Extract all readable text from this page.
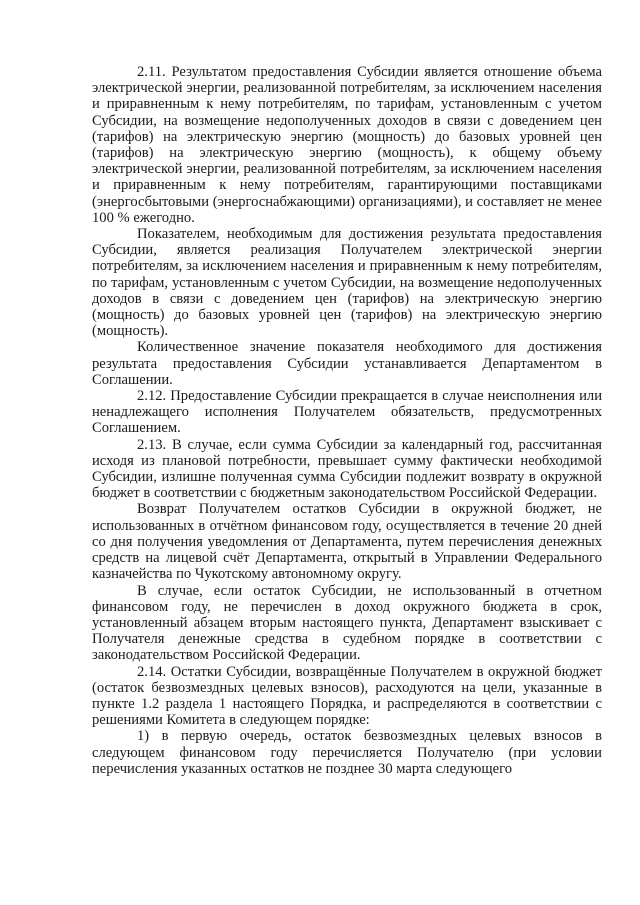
2.11. Результатом предоставления Субсидии является отношение объема электрической энергии, реализованной потребителям, за исключением населения и приравненным к нему потребителям, по тарифам, установленным с учетом Субсидии, на возмещение недополученных доходов в связи с доведением цен (тарифов) на электрическую энергию (мощность) до базовых уровней цен (тарифов) на электрическую энергию (мощность), к общему объему электрической энергии, реализованной потребителям, за исключением населения и приравненным к нему потребителям, гарантирующими поставщиками (энергосбытовыми (энергоснабжающими) организациями), и составляет не менее 100 % ежегодно.

Показателем, необходимым для достижения результата предоставления Субсидии, является реализация Получателем электрической энергии потребителям, за исключением населения и приравненным к нему потребителям, по тарифам, установленным с учетом Субсидии, на возмещение недополученных доходов в связи с доведением цен (тарифов) на электрическую энергию (мощность) до базовых уровней цен (тарифов) на электрическую энергию (мощность).

Количественное значение показателя необходимого для достижения результата предоставления Субсидии устанавливается Департаментом в Соглашении.

2.12. Предоставление Субсидии прекращается в случае неисполнения или ненадлежащего исполнения Получателем обязательств, предусмотренных Соглашением.

2.13. В случае, если сумма Субсидии за календарный год, рассчитанная исходя из плановой потребности, превышает сумму фактически необходимой Субсидии, излишне полученная сумма Субсидии подлежит возврату в окружной бюджет в соответствии с бюджетным законодательством Российской Федерации.

Возврат Получателем остатков Субсидии в окружной бюджет, не использованных в отчётном финансовом году, осуществляется в течение 20 дней со дня получения уведомления от Департамента, путем перечисления денежных средств на лицевой счёт Департамента, открытый в Управлении Федерального казначейства по Чукотскому автономному округу.

В случае, если остаток Субсидии, не использованный в отчетном финансовом году, не перечислен в доход окружного бюджета в срок, установленный абзацем вторым настоящего пункта, Департамент взыскивает с Получателя денежные средства в судебном порядке в соответствии с законодательством Российской Федерации.

2.14. Остатки Субсидии, возвращённые Получателем в окружной бюджет (остаток безвозмездных целевых взносов), расходуются на цели, указанные в пункте 1.2 раздела 1 настоящего Порядка, и распределяются в соответствии с решениями Комитета в следующем порядке:

1) в первую очередь, остаток безвозмездных целевых взносов в следующем финансовом году перечисляется Получателю (при условии перечисления указанных остатков не позднее 30 марта следующего
